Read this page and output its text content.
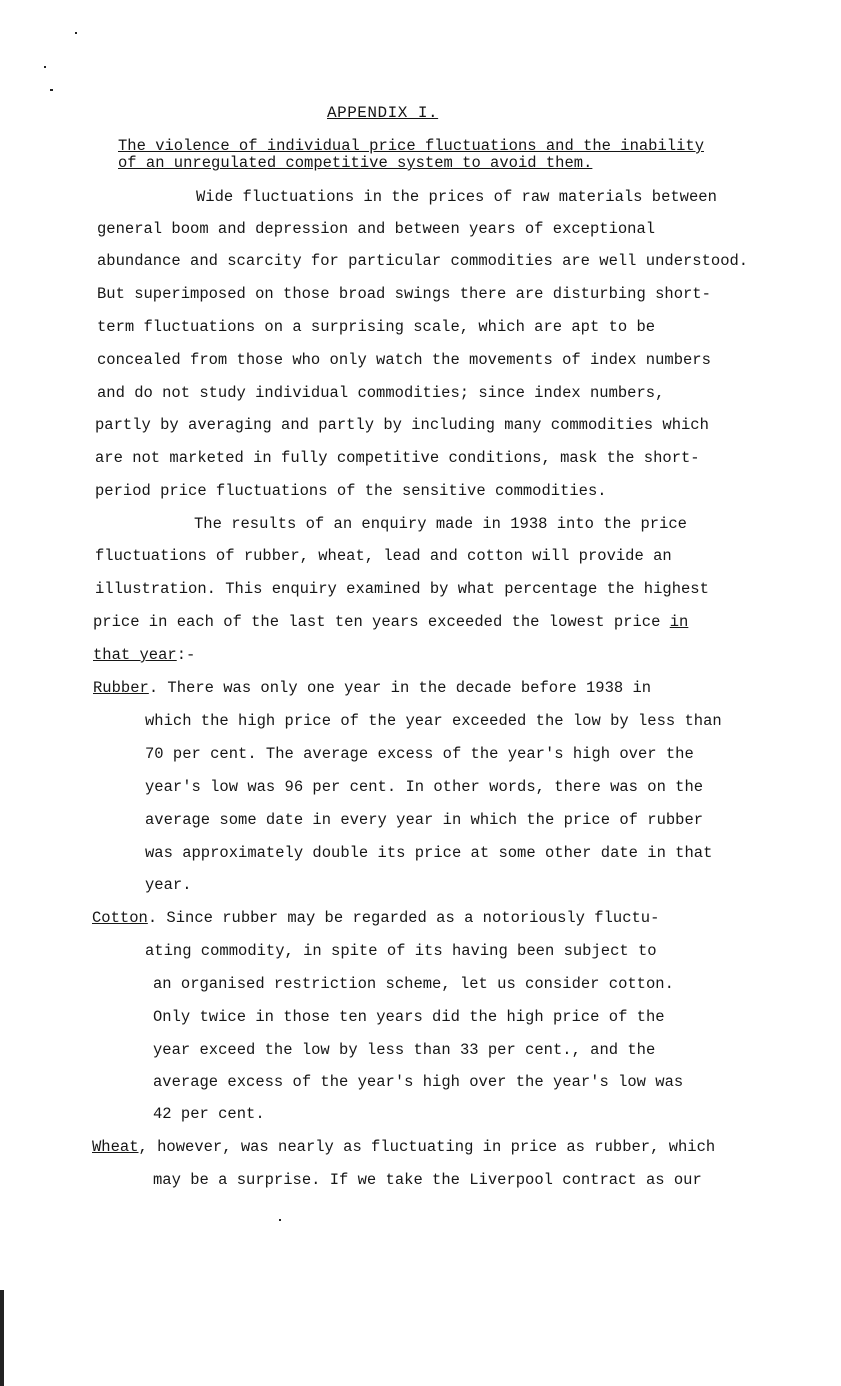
APPENDIX I.
The violence of individual price fluctuations and the inability
of an unregulated competitive system to avoid them.
Wide fluctuations in the prices of raw materials between
general boom and depression and between years of exceptional
abundance and scarcity for particular commodities are well understood.
But superimposed on those broad swings there are disturbing short-
term fluctuations on a surprising scale, which are apt to be
concealed from those who only watch the movements of index numbers
and do not study individual commodities; since index numbers,
partly by averaging and partly by including many commodities which
are not marketed in fully competitive conditions, mask the short-
period price fluctuations of the sensitive commodities.
The results of an enquiry made in 1938 into the price
fluctuations of rubber, wheat, lead and cotton will provide an
illustration. This enquiry examined by what percentage the highest
price in each of the last ten years exceeded the lowest price in
that year:-
Rubber. There was only one year in the decade before 1938 in
which the high price of the year exceeded the low by less than
70 per cent. The average excess of the year's high over the
year's low was 96 per cent. In other words, there was on the
average some date in every year in which the price of rubber
was approximately double its price at some other date in that
year.
Cotton. Since rubber may be regarded as a notoriously fluctu-
ating commodity, in spite of its having been subject to
an organised restriction scheme, let us consider cotton.
Only twice in those ten years did the high price of the
year exceed the low by less than 33 per cent., and the
average excess of the year's high over the year's low was
42 per cent.
Wheat, however, was nearly as fluctuating in price as rubber, which
may be a surprise. If we take the Liverpool contract as our
